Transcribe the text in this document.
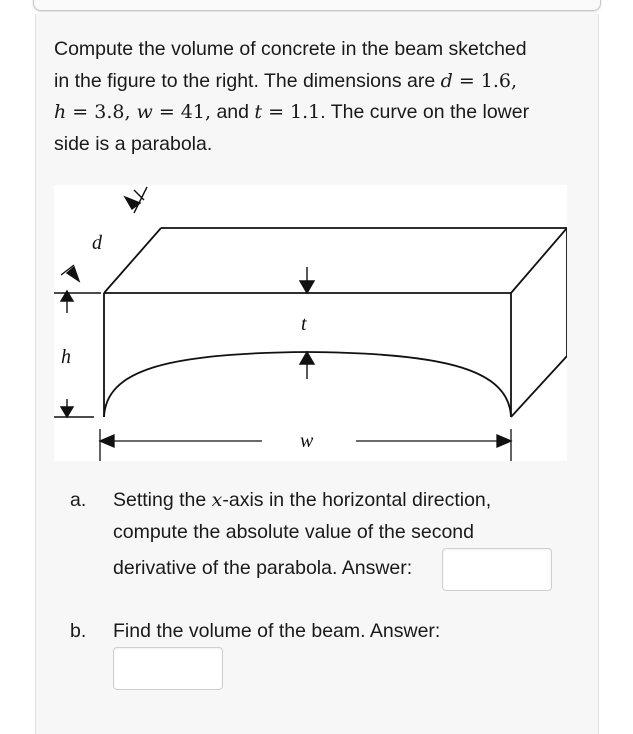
Compute the volume of concrete in the beam sketched
in the figure to the right. The dimensions are d = 1.6,
h = 3.8, w = 41, and t = 1.1. The curve on the lower
side is a parabola.
d
h
t
w
a. Setting the x-axis in the horizontal direction,
compute the absolute value of the second
derivative of the parabola. Answer:
b. Find the volume of the beam. Answer:
